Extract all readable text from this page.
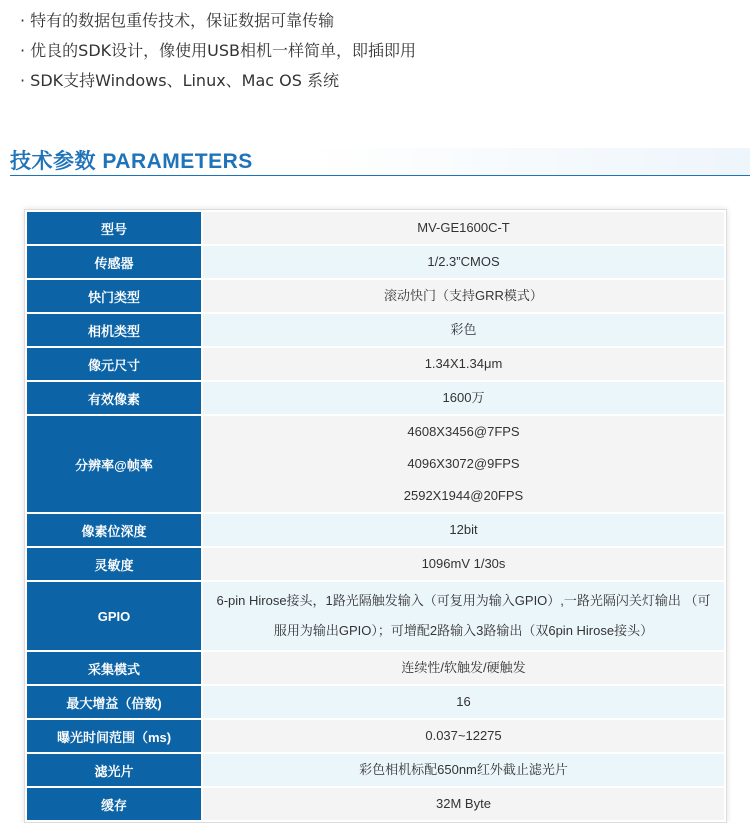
· 特有的数据包重传技术，保证数据可靠传输
· 优良的SDK设计，像使用USB相机一样简单，即插即用
· SDK支持Windows、Linux、Mac OS 系统
技术参数 PARAMETERS
型号	MV-GE1600C-T

传感器	1/2.3”CMOS

快门类型	滚动快门（支持GRR模式）

相机类型	彩色

像元尺寸	1.34X1.34μm

有效像素	1600万

分辨率@帧率	4608X3456@7FPS
4096X3072@9FPS
2592X1944@20FPS

像素位深度	12bit

灵敏度	1096mV 1/30s

GPIO	6-pin Hirose接头，1路光隔触发输入（可复用为输入GPIO）,一路光隔闪关灯输出 （可服用为输出GPIO）；可增配2路输入3路输出（双6pin Hirose接头）

采集模式	连续性/软触发/硬触发

最大增益（倍数)	16

曝光时间范围（ms)	0.037~12275

滤光片	彩色相机标配650nm红外截止滤光片

缓存	32M Byte
